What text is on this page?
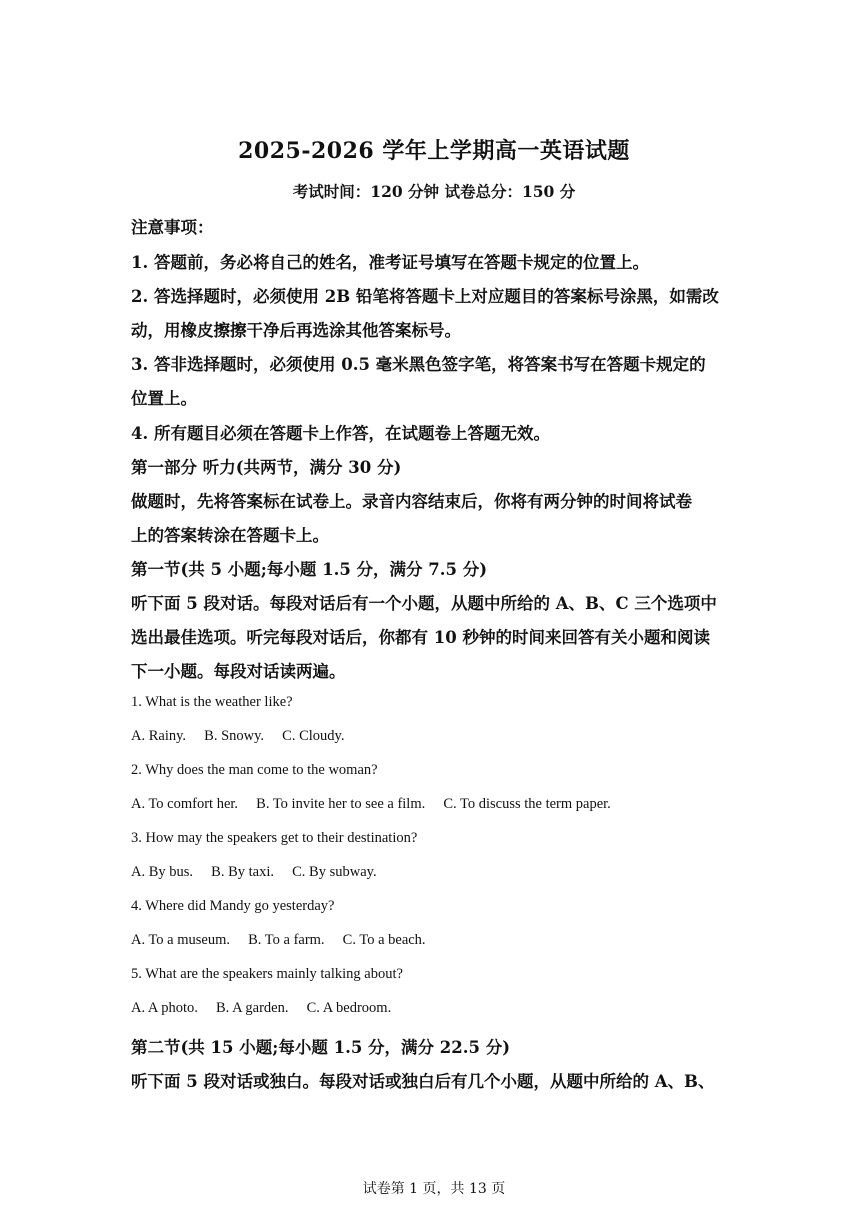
2025-2026 学年上学期高一英语试题
考试时间：120 分钟 试卷总分：150 分
注意事项：
1. 答题前，务必将自己的姓名，准考证号填写在答题卡规定的位置上。
2. 答选择题时，必须使用 2B 铅笔将答题卡上对应题目的答案标号涂黑，如需改
动，用橡皮擦擦干净后再选涂其他答案标号。
3. 答非选择题时，必须使用 0.5 毫米黑色签字笔，将答案书写在答题卡规定的
位置上。
4. 所有题目必须在答题卡上作答，在试题卷上答题无效。
第一部分 听力(共两节，满分 30 分)
做题时，先将答案标在试卷上。录音内容结束后，你将有两分钟的时间将试卷
上的答案转涂在答题卡上。
第一节(共 5 小题;每小题 1.5 分，满分 7.5 分)
听下面 5 段对话。每段对话后有一个小题，从题中所给的 A、B、C 三个选项中
选出最佳选项。听完每段对话后，你都有 10 秒钟的时间来回答有关小题和阅读
下一小题。每段对话读两遍。
1. What is the weather like?
A. Rainy.     B. Snowy.     C. Cloudy.
2. Why does the man come to the woman?
A. To comfort her.     B. To invite her to see a film.     C. To discuss the term paper.
3. How may the speakers get to their destination?
A. By bus.     B. By taxi.     C. By subway.
4. Where did Mandy go yesterday?
A. To a museum.     B. To a farm.     C. To a beach.
5. What are the speakers mainly talking about?
A. A photo.     B. A garden.     C. A bedroom.
第二节(共 15 小题;每小题 1.5 分，满分 22.5 分)
听下面 5 段对话或独白。每段对话或独白后有几个小题，从题中所给的 A、B、
试卷第 1 页，共 13 页
